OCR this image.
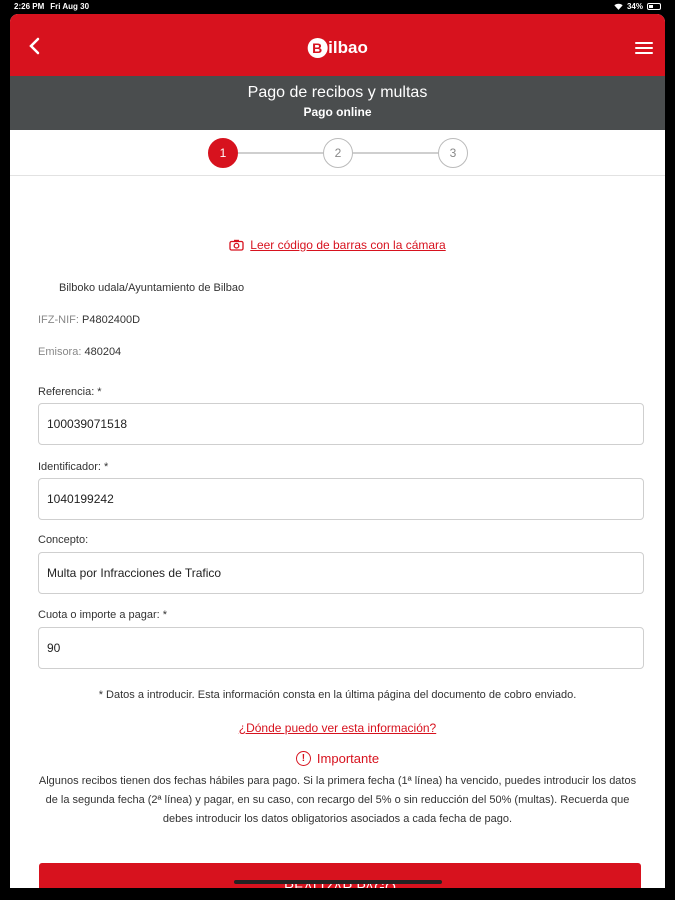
2:26 PM Fri Aug 30	34%
B ilbao
Pago de recibos y multas
Pago online
1	2	3
Leer código de barras con la cámara
Bilboko udala/Ayuntamiento de Bilbao
IFZ-NIF: P4802400D
Emisora: 480204
Referencia: *
100039071518
Identificador: *
1040199242
Concepto:
Multa por Infracciones de Trafico
Cuota o importe a pagar: *
90
* Datos a introducir. Esta información consta en la última página del documento de cobro enviado.
¿Dónde puedo ver esta información?
! Importante
Algunos recibos tienen dos fechas hábiles para pago. Si la primera fecha (1ª línea) ha vencido, puedes introducir los datos de la segunda fecha (2ª línea) y pagar, en su caso, con recargo del 5% o sin reducción del 50% (multas). Recuerda que debes introducir los datos obligatorios asociados a cada fecha de pago.
